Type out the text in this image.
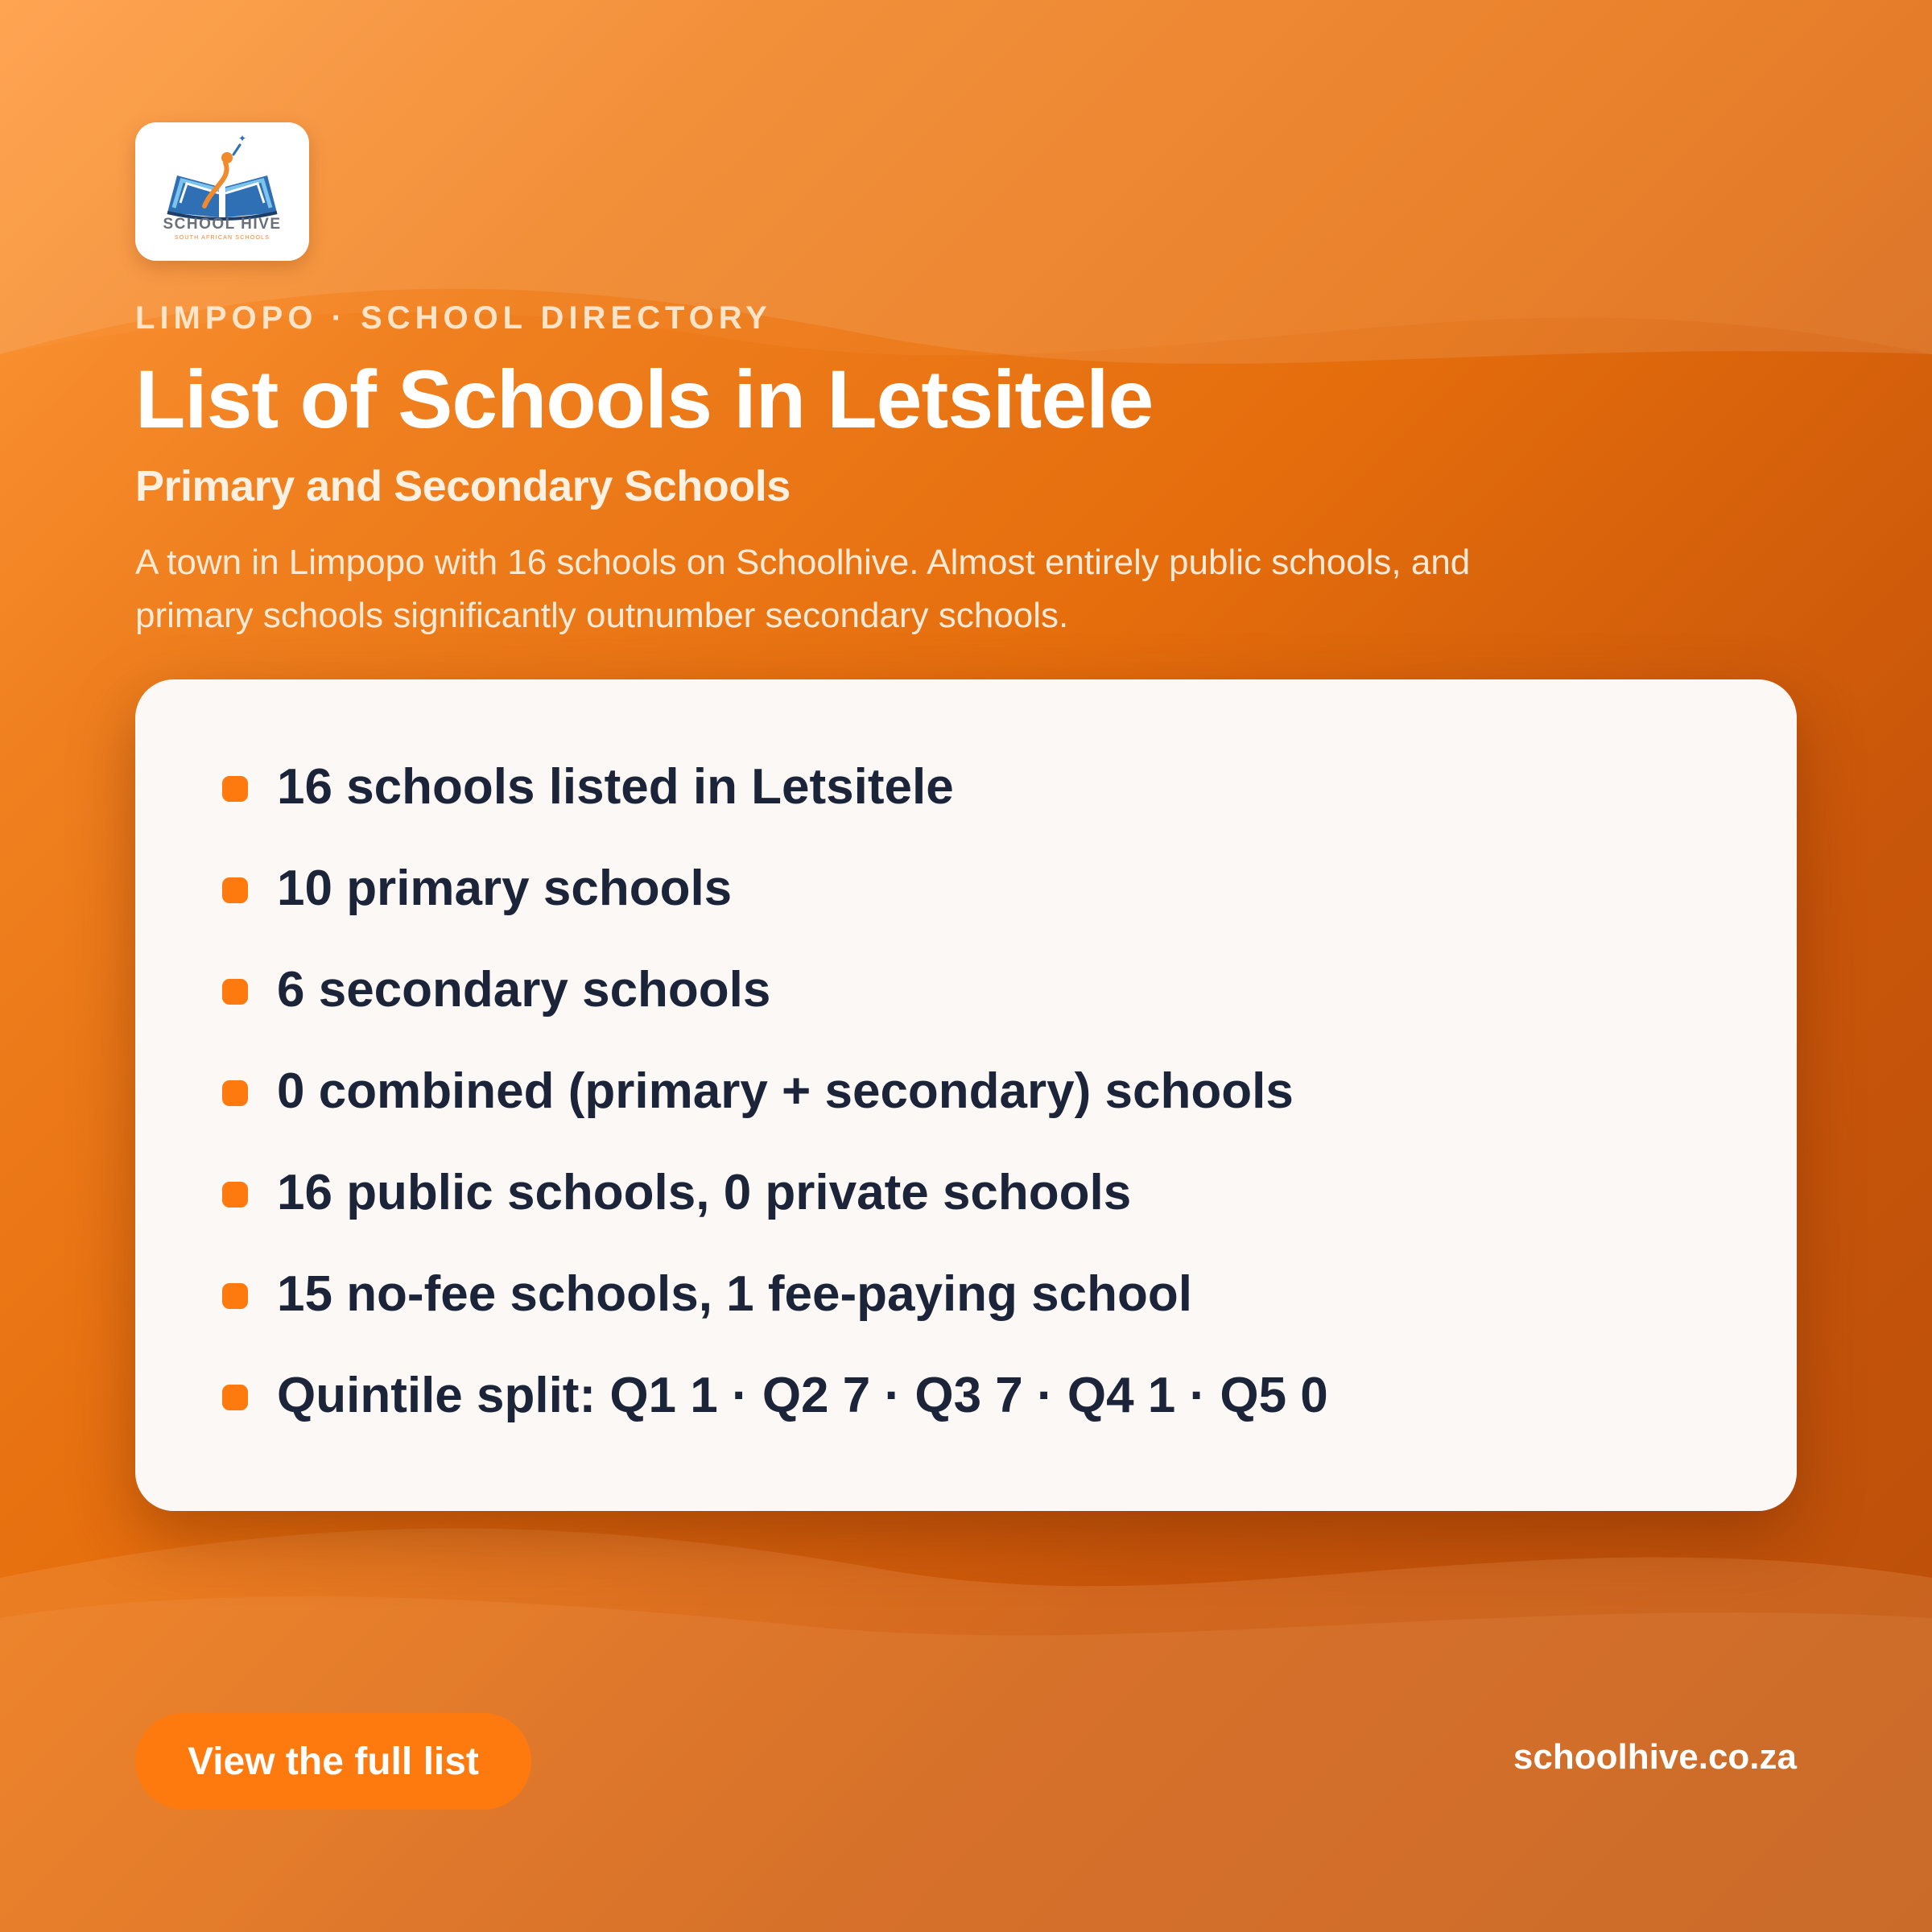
✦
SCHOOL HIVE
SOUTH AFRICAN SCHOOLS
LIMPOPO · SCHOOL DIRECTORY
List of Schools in Letsitele
Primary and Secondary Schools
A town in Limpopo with 16 schools on Schoolhive. Almost entirely public schools, and primary schools significantly outnumber secondary schools.
16 schools listed in Letsitele
10 primary schools
6 secondary schools
0 combined (primary + secondary) schools
16 public schools, 0 private schools
15 no-fee schools, 1 fee-paying school
Quintile split: Q1 1 · Q2 7 · Q3 7 · Q4 1 · Q5 0
View the full list	schoolhive.co.za
